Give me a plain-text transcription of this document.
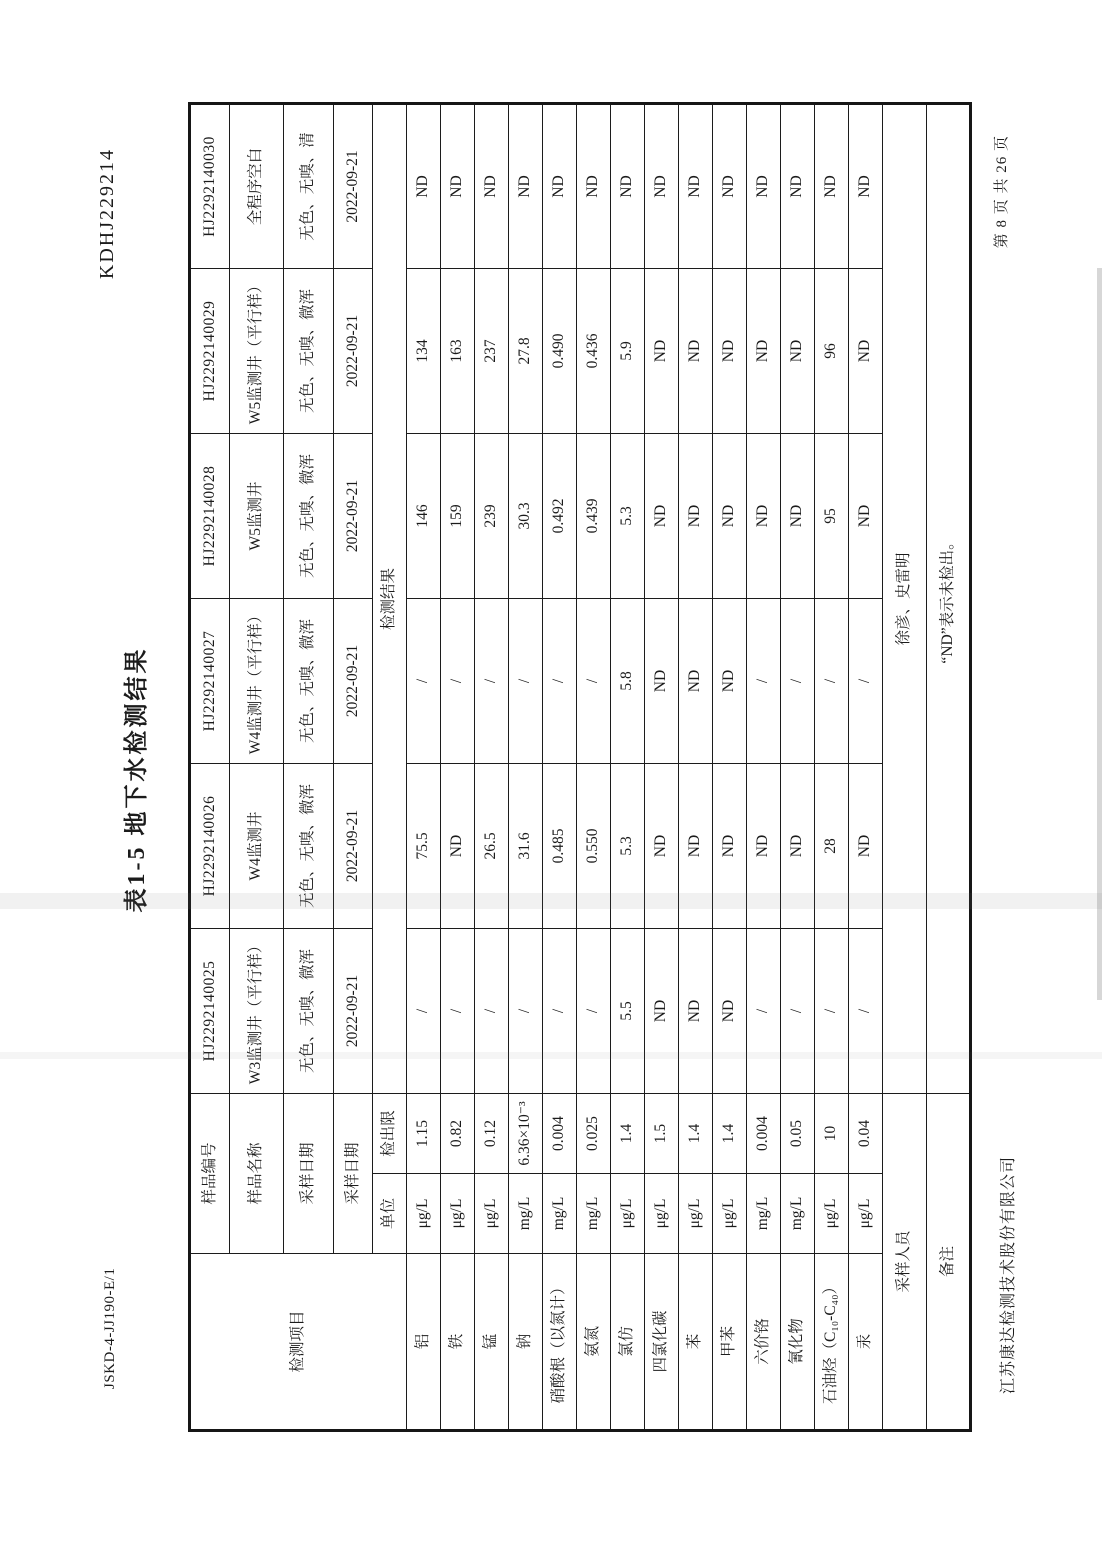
JSKD-4-JJ190-E/1
KDHJ229214
表1-5 地下水检测结果
检测项目	样品编号		HJ2292140025	HJ2292140026	HJ2292140027	HJ2292140028	HJ2292140029	HJ2292140030
	样品名称		W3监测井（平行样）	W4监测井	W4监测井（平行样）	W5监测井	W5监测井（平行样）	全程序空白
	采样日期		无色、无嗅、微浑	无色、无嗅、微浑	无色、无嗅、微浑	无色、无嗅、微浑	无色、无嗅、微浑	无色、无嗅、清
	采样日期		2022-09-21	2022-09-21	2022-09-21	2022-09-21	2022-09-21	2022-09-21
	单位	检出限	检测结果					
铝	μg/L	1.15	/	75.5	/	146	134	ND
铁	μg/L	0.82	/	ND	/	159	163	ND
锰	μg/L	0.12	/	26.5	/	239	237	ND
钠	mg/L	6.36×10⁻³	/	31.6	/	30.3	27.8	ND
硝酸根（以氮计）	mg/L	0.004	/	0.485	/	0.492	0.490	ND
氨氮	mg/L	0.025	/	0.550	/	0.439	0.436	ND
氯仿	μg/L	1.4	5.5	5.3	5.8	5.3	5.9	ND
四氯化碳	μg/L	1.5	ND	ND	ND	ND	ND	ND
苯	μg/L	1.4	ND	ND	ND	ND	ND	ND
甲苯	μg/L	1.4	ND	ND	ND	ND	ND	ND
六价铬	mg/L	0.004	/	ND	/	ND	ND	ND
氰化物	mg/L	0.05	/	ND	/	ND	ND	ND
石油烃（C₁₀-C₄₀）	μg/L	10	/	28	/	95	96	ND
汞	μg/L	0.04	/	ND	/	ND	ND	ND
采样人员			徐彦、史雷明					
备注			“ND”表示未检出。					
江苏康达检测技术股份有限公司
第 8 页 共 26 页
